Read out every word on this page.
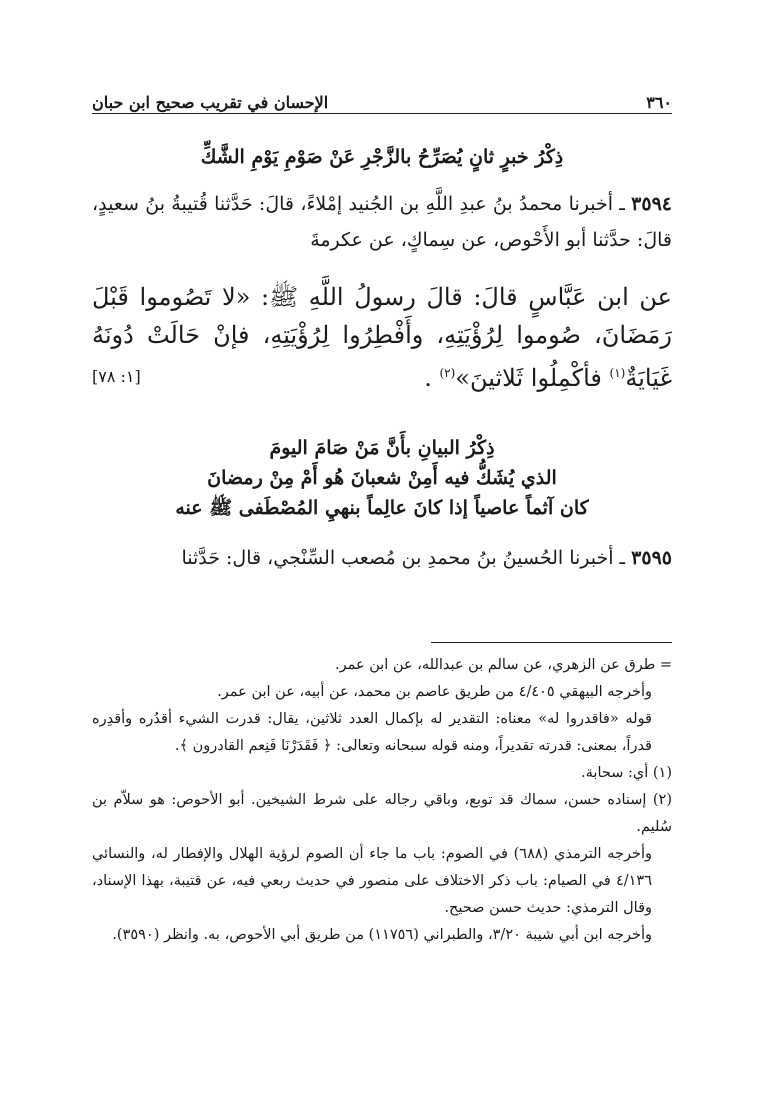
٣٦٠
الإحسان في تقريب صحيح ابن حبان
ذِكْرُ خبرٍ ثانٍ يُصَرِّحُ بالزَّجْرِ عَنْ صَوْمِ يَوْمِ الشَّكِّ
٣٥٩٤ ـ أخبرنا محمدُ بنُ عبدِ اللَّهِ بن الجُنيد إمْلاءً، قالَ: حَدَّثنا قُتيبةُ بنُ سعيدٍ، قالَ: حدَّثنا أبو الأَحْوص، عن سِماكٍ، عن عكرمةَ
عن ابن عَبَّاسٍ قالَ: قالَ رسولُ اللَّهِ ﷺ: «لا تَصُوموا قَبْلَ رَمَضَانَ، صُوموا لِرُؤْيَتِهِ، وأَفْطِرُوا لِرُؤْيَتِهِ، فإنْ حَالَتْ دُونَهُ غَيَايَةٌ$^{(١)}$ فأكْمِلُوا ثَلاثينَ»$^{(٢)}$ .
[١: ٧٨]
ذِكْرُ البيانِ بأَنَّ مَنْ صَامَ اليومَ
الذي يُشَكُّ فيه أَمِنْ شعبانَ هُو أَمْ مِنْ رمضانَ
كان آثماً عاصياً إذا كانَ عالِماً بنهيِ المُصْطَفى ﷺ عنه
٣٥٩٥ ـ أخبرنا الحُسينُ بنُ محمدِ بن مُصعب السِّنْجي، قال: حَدَّثنا

= طرق عن الزهري، عن سالم بن عبدالله، عن ابن عمر.

وأخرجه البيهقي ٤/٤٠٥ من طريق عاصم بن محمد، عن أبيه، عن ابن عمر.

قوله «فاقدروا له» معناه: التقدير له بإكمال العدد ثلاثين، يقال: قدرت الشيء أقدُره وأقدِره قدراً، بمعنى: قدرته تقديراً، ومنه قوله سبحانه وتعالى: ﴿ فَقَدَرْنَا فَنِعم القادرون ﴾.

(١) أي: سحابة.

(٢) إسناده حسن، سماك قد توبع، وباقي رجاله على شرط الشيخين. أبو الأحوص: هو سلاّم بن سُليم.

وأخرجه الترمذي (٦٨٨) في الصوم: باب ما جاء أن الصوم لرؤية الهلال والإفطار له، والنسائي ٤/١٣٦ في الصيام: باب ذكر الاختلاف على منصور في حديث ربعي فيه، عن قتيبة، بهذا الإسناد، وقال الترمذي: حديث حسن صحيح.

وأخرجه ابن أبي شيبة ٣/٢٠، والطبراني (١١٧٥٦) من طريق أبي الأحوص، به. وانظر (٣٥٩٠).
